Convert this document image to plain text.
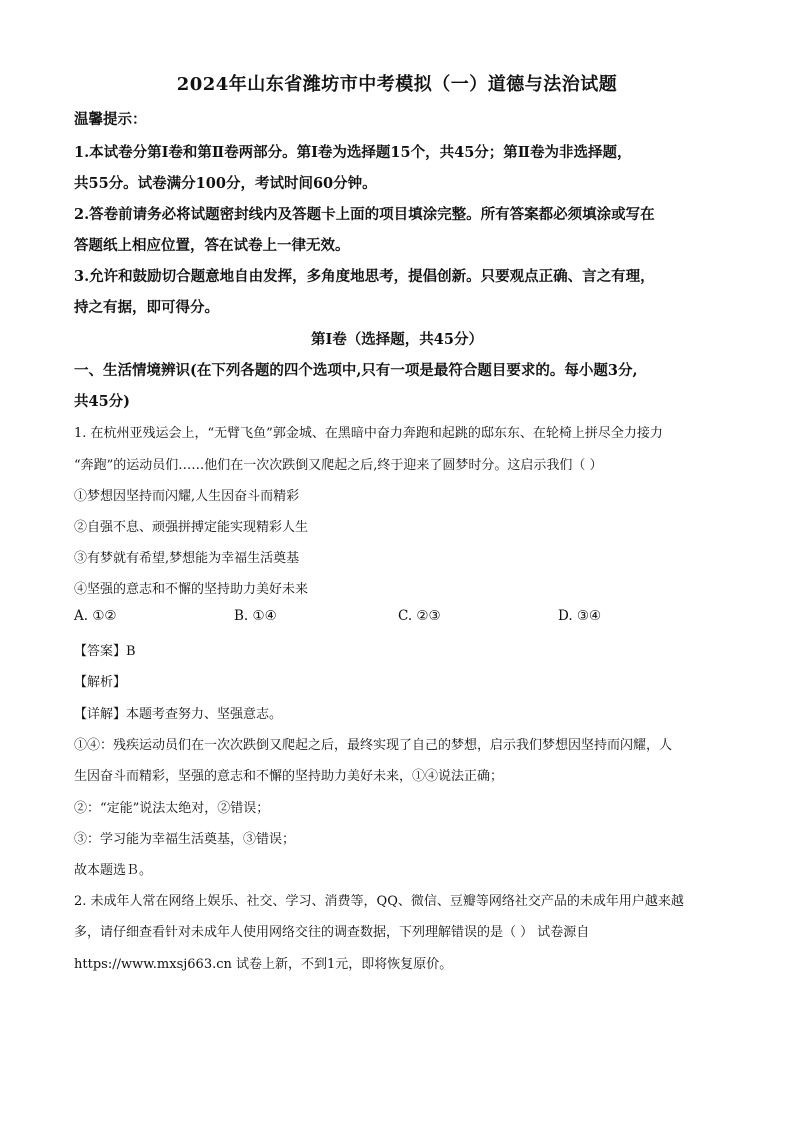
2024年山东省潍坊市中考模拟（一）道德与法治试题
温馨提示：
1.本试卷分第Ⅰ卷和第Ⅱ卷两部分。第Ⅰ卷为选择题15个，共45分；第Ⅱ卷为非选择题，
共55分。试卷满分100分，考试时间60分钟。
2.答卷前请务必将试题密封线内及答题卡上面的项目填涂完整。所有答案都必须填涂或写在
答题纸上相应位置，答在试卷上一律无效。
3.允许和鼓励切合题意地自由发挥，多角度地思考，提倡创新。只要观点正确、言之有理，
持之有据，即可得分。
第Ⅰ卷（选择题，共45分）
一、生活情境辨识(在下列各题的四个选项中,只有一项是最符合题目要求的。每小题3分,
共45分)
1. 在杭州亚残运会上，“无臂飞鱼”郭金城、在黑暗中奋力奔跑和起跳的邸东东、在轮椅上拼尽全力接力
“奔跑”的运动员们……他们在一次次跌倒又爬起之后,终于迎来了圆梦时分。这启示我们（ ）
①梦想因坚持而闪耀,人生因奋斗而精彩
②自强不息、顽强拼搏定能实现精彩人生
③有梦就有希望,梦想能为幸福生活奠基
④坚强的意志和不懈的坚持助力美好未来
A. ①②	B. ①④	C. ②③	D. ③④
【答案】B
【解析】
【详解】本题考查努力、坚强意志。
①④：残疾运动员们在一次次跌倒又爬起之后，最终实现了自己的梦想，启示我们梦想因坚持而闪耀，人
生因奋斗而精彩，坚强的意志和不懈的坚持助力美好未来，①④说法正确；
②：“定能”说法太绝对，②错误；
③：学习能为幸福生活奠基，③错误；
故本题选Ｂ。
2. 未成年人常在网络上娱乐、社交、学习、消费等，QQ、微信、豆瓣等网络社交产品的未成年用户越来越
多，请仔细查看针对未成年人使用网络交往的调查数据，下列理解错误的是（ ） 试卷源自
https://www.mxsj663.cn 试卷上新，不到1元，即将恢复原价。
